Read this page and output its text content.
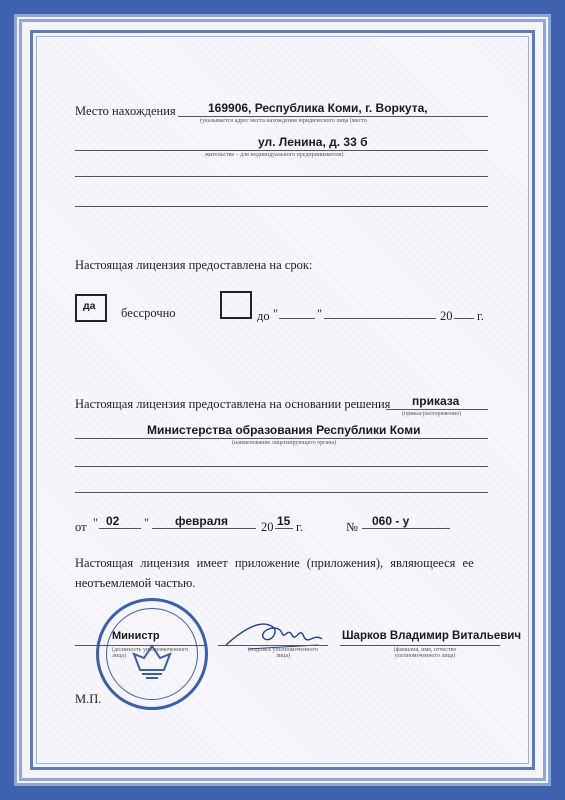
Место нахождения	169906, Республика Коми, г. Воркута,
(указывается адрес места нахождения юридического лица (место
ул. Ленина, д. 33 б
жительства – для индивидуального предпринимателя)
Настоящая лицензия предоставлена на срок:
да бессрочно	до "	"	20 г.
Настоящая лицензия предоставлена на основании решения приказа
(приказ/распоряжение)
Министерства образования Республики Коми
(наименование лицензирующего органа)
от " 02 " февраля	20 15 г.	№ 060 - у
Настоящая лицензия имеет приложение (приложения), являющееся ее
неотъемлемой частью.
Министр
(должность уполномоченного лица)
(подпись уполномоченного лица)
Шарков Владимир Витальевич
(фамилия, имя, отчество уполномоченного лица)
М.П.
